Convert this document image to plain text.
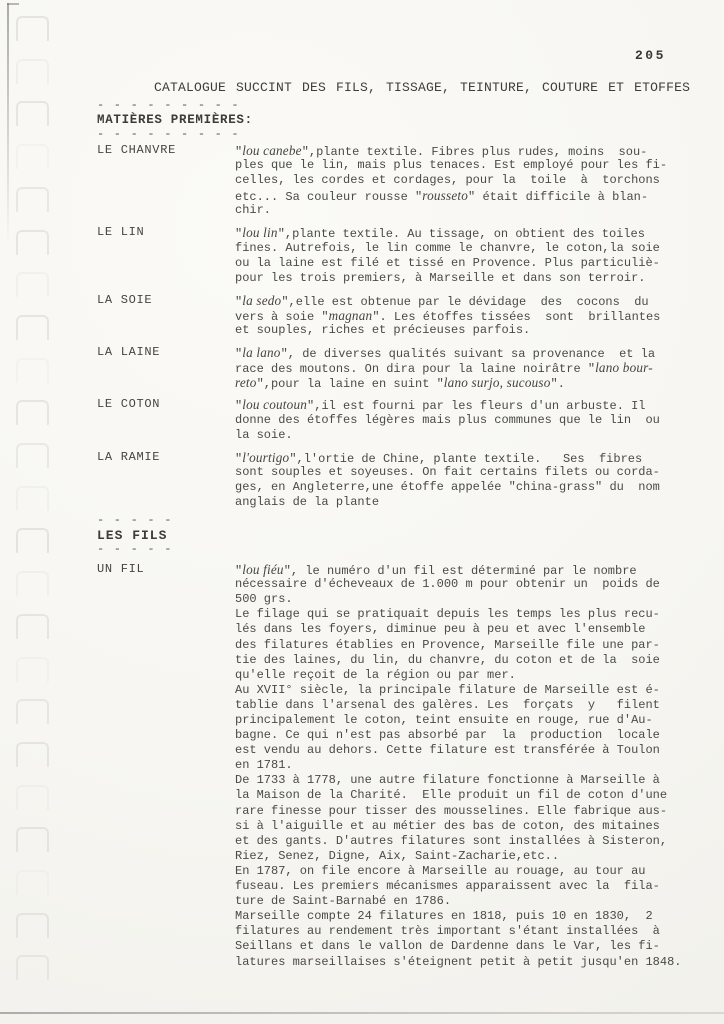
205
CATALOGUE SUCCINT DES FILS, TISSAGE, TEINTURE, COUTURE ET ETOFFES
- - - - - - - - -
MATIÈRES PREMIÈRES:
- - - - - - - - -
LE CHANVRE	"lou canebe",plante textile. Fibres plus rudes, moins  sou-
ples que le lin, mais plus tenaces. Est employé pour les fi-
celles, les cordes et cordages, pour la  toile  à  torchons
etc... Sa couleur rousse "rousseto" était difficile à blan-
chir.
LE LIN	"lou lin",plante textile. Au tissage, on obtient des toiles
fines. Autrefois, le lin comme le chanvre, le coton,la soie
ou la laine est filé et tissé en Provence. Plus particuliè-
pour les trois premiers, à Marseille et dans son terroir.
LA SOIE	"la sedo",elle est obtenue par le dévidage  des  cocons  du
vers à soie "magnan". Les étoffes tissées  sont  brillantes
et souples, riches et précieuses parfois.
LA LAINE	"la lano", de diverses qualités suivant sa provenance  et la
race des moutons. On dira pour la laine noirâtre "lano bour-
reto",pour la laine en suint "lano surjo, sucouso".
LE COTON	"lou coutoun",il est fourni par les fleurs d'un arbuste. Il
donne des étoffes légères mais plus communes que le lin  ou
la soie.
LA RAMIE	"l'ourtigo",l'ortie de Chine, plante textile.   Ses  fibres
sont souples et soyeuses. On fait certains filets ou corda-
ges, en Angleterre,une étoffe appelée "china-grass" du  nom
anglais de la plante
- - - - -
LES FILS
- - - - -
UN FIL	"lou fiéu", le numéro d'un fil est déterminé par le nombre
nécessaire d'écheveaux de 1.000 m pour obtenir un  poids de
500 grs.
Le filage qui se pratiquait depuis les temps les plus recu-
lés dans les foyers, diminue peu à peu et avec l'ensemble
des filatures établies en Provence, Marseille file une par-
tie des laines, du lin, du chanvre, du coton et de la  soie
qu'elle reçoit de la région ou par mer.
Au XVII° siècle, la principale filature de Marseille est é-
tablie dans l'arsenal des galères. Les  forçats  y   filent
principalement le coton, teint ensuite en rouge, rue d'Au-
bagne. Ce qui n'est pas absorbé par  la  production  locale
est vendu au dehors. Cette filature est transférée à Toulon
en 1781.
De 1733 à 1778, une autre filature fonctionne à Marseille à
la Maison de la Charité.  Elle produit un fil de coton d'une
rare finesse pour tisser des mousselines. Elle fabrique aus-
si à l'aiguille et au métier des bas de coton, des mitaines
et des gants. D'autres filatures sont installées à Sisteron,
Riez, Senez, Digne, Aix, Saint-Zacharie,etc..
En 1787, on file encore à Marseille au rouage, au tour au
fuseau. Les premiers mécanismes apparaissent avec la  fila-
ture de Saint-Barnabé en 1786.
Marseille compte 24 filatures en 1818, puis 10 en 1830,  2
filatures au rendement très important s'étant installées  à
Seillans et dans le vallon de Dardenne dans le Var, les fi-
latures marseillaises s'éteignent petit à petit jusqu'en 1848.
